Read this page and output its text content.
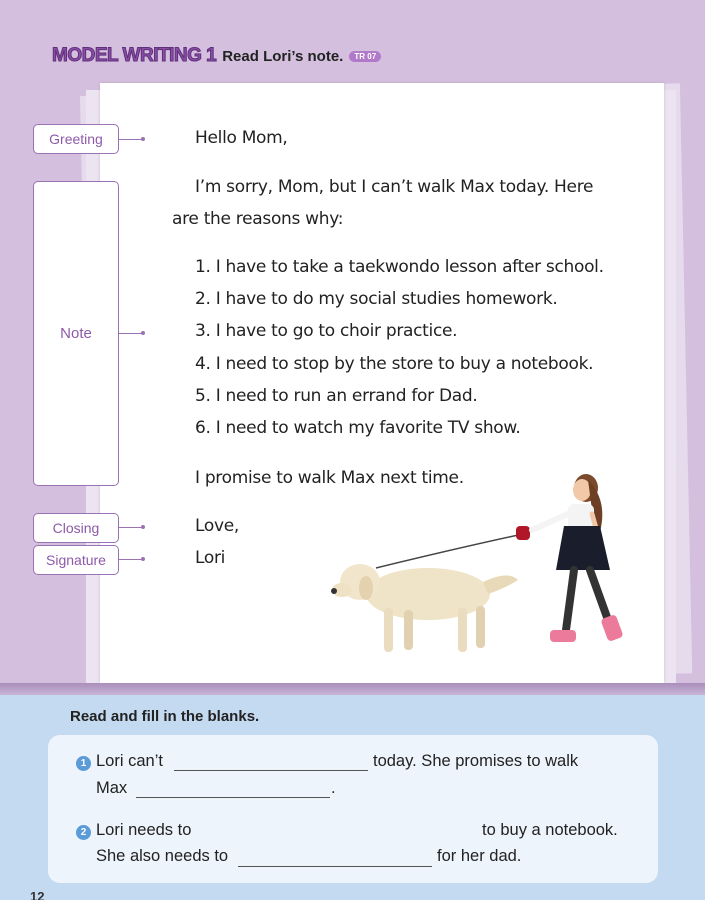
MODEL WRITING 1 Read Lori’s note.	TR 07
Greeting
Note
Closing
Signature
Hello Mom,
I’m sorry, Mom, but I can’t walk Max today. Here
are the reasons why:
1. I have to take a taekwondo lesson after school.
2. I have to do my social studies homework.
3. I have to go to choir practice.
4. I need to stop by the store to buy a notebook.
5. I need to run an errand for Dad.
6. I need to watch my favorite TV show.
I promise to walk Max next time.
Love,
Lori
Read and fill in the blanks.
1 Lori can’t	today. She promises to walk
Max	.
2 Lori needs to	to buy a notebook.
She also needs to	for her dad.
12
